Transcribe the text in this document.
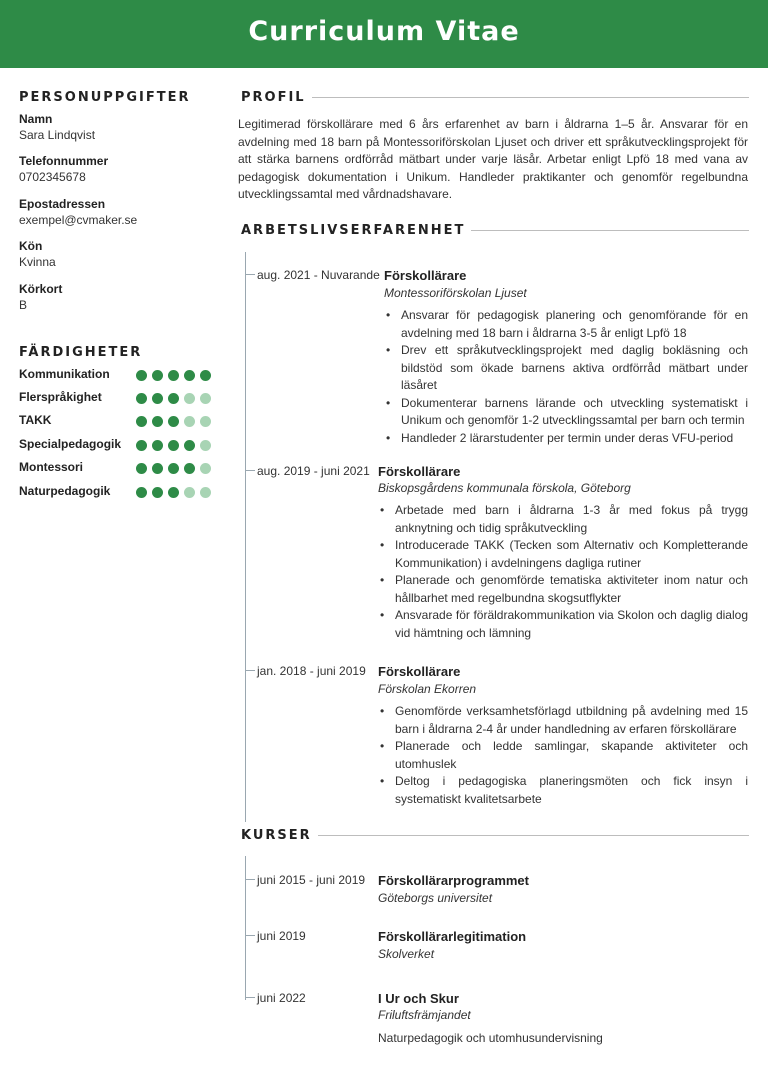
Curriculum Vitae
PERSONUPPGIFTER
Namn
Sara Lindqvist
Telefonnummer
0702345678
Epostadressen
exempel@cvmaker.se
Kön
Kvinna
Körkort
B
FÄRDIGHETER
Kommunikation
Flerspråkighet
TAKK
Specialpedagogik
Montessori
Naturpedagogik
PROFIL
Legitimerad förskollärare med 6 års erfarenhet av barn i åldrarna 1–5 år. Ansvarar för en avdelning med 18 barn på Montessoriförskolan Ljuset och driver ett språkutvecklingsprojekt för att stärka barnens ordförråd mätbart under varje läsår. Arbetar enligt Lpfö 18 med vana av pedagogisk dokumentation i Unikum. Handleder praktikanter och genomför regelbundna utvecklingssamtal med vårdnadshavare.
ARBETSLIVSERFARENHET
aug. 2021 - Nuvarande Förskollärare
Montessoriförskolan Ljuset
• Ansvarar för pedagogisk planering och genomförande för en avdelning med 18 barn i åldrarna 3-5 år enligt Lpfö 18
• Drev ett språkutvecklingsprojekt med daglig bokläsning och bildstöd som ökade barnens aktiva ordförråd mätbart under läsåret
• Dokumenterar barnens lärande och utveckling systematiskt i Unikum och genomför 1-2 utvecklingssamtal per barn och termin
• Handleder 2 lärarstudenter per termin under deras VFU-period
aug. 2019 - juni 2021 Förskollärare
Biskopsgårdens kommunala förskola, Göteborg
• Arbetade med barn i åldrarna 1-3 år med fokus på trygg anknytning och tidig språkutveckling
• Introducerade TAKK (Tecken som Alternativ och Kompletterande Kommunikation) i avdelningens dagliga rutiner
• Planerade och genomförde tematiska aktiviteter inom natur och hållbarhet med regelbundna skogsutflykter
• Ansvarade för föräldrakommunikation via Skolon och daglig dialog vid hämtning och lämning
jan. 2018 - juni 2019 Förskollärare
Förskolan Ekorren
• Genomförde verksamhetsförlagd utbildning på avdelning med 15 barn i åldrarna 2-4 år under handledning av erfaren förskollärare
• Planerade och ledde samlingar, skapande aktiviteter och utomhuslek
• Deltog i pedagogiska planeringsmöten och fick insyn i systematiskt kvalitetsarbete
KURSER
juni 2015 - juni 2019 Förskollärarprogrammet
Göteborgs universitet
juni 2019	Förskollärarlegitimation
Skolverket
juni 2022	I Ur och Skur
Friluftsfrämjandet
Naturpedagogik och utomhusundervisning
